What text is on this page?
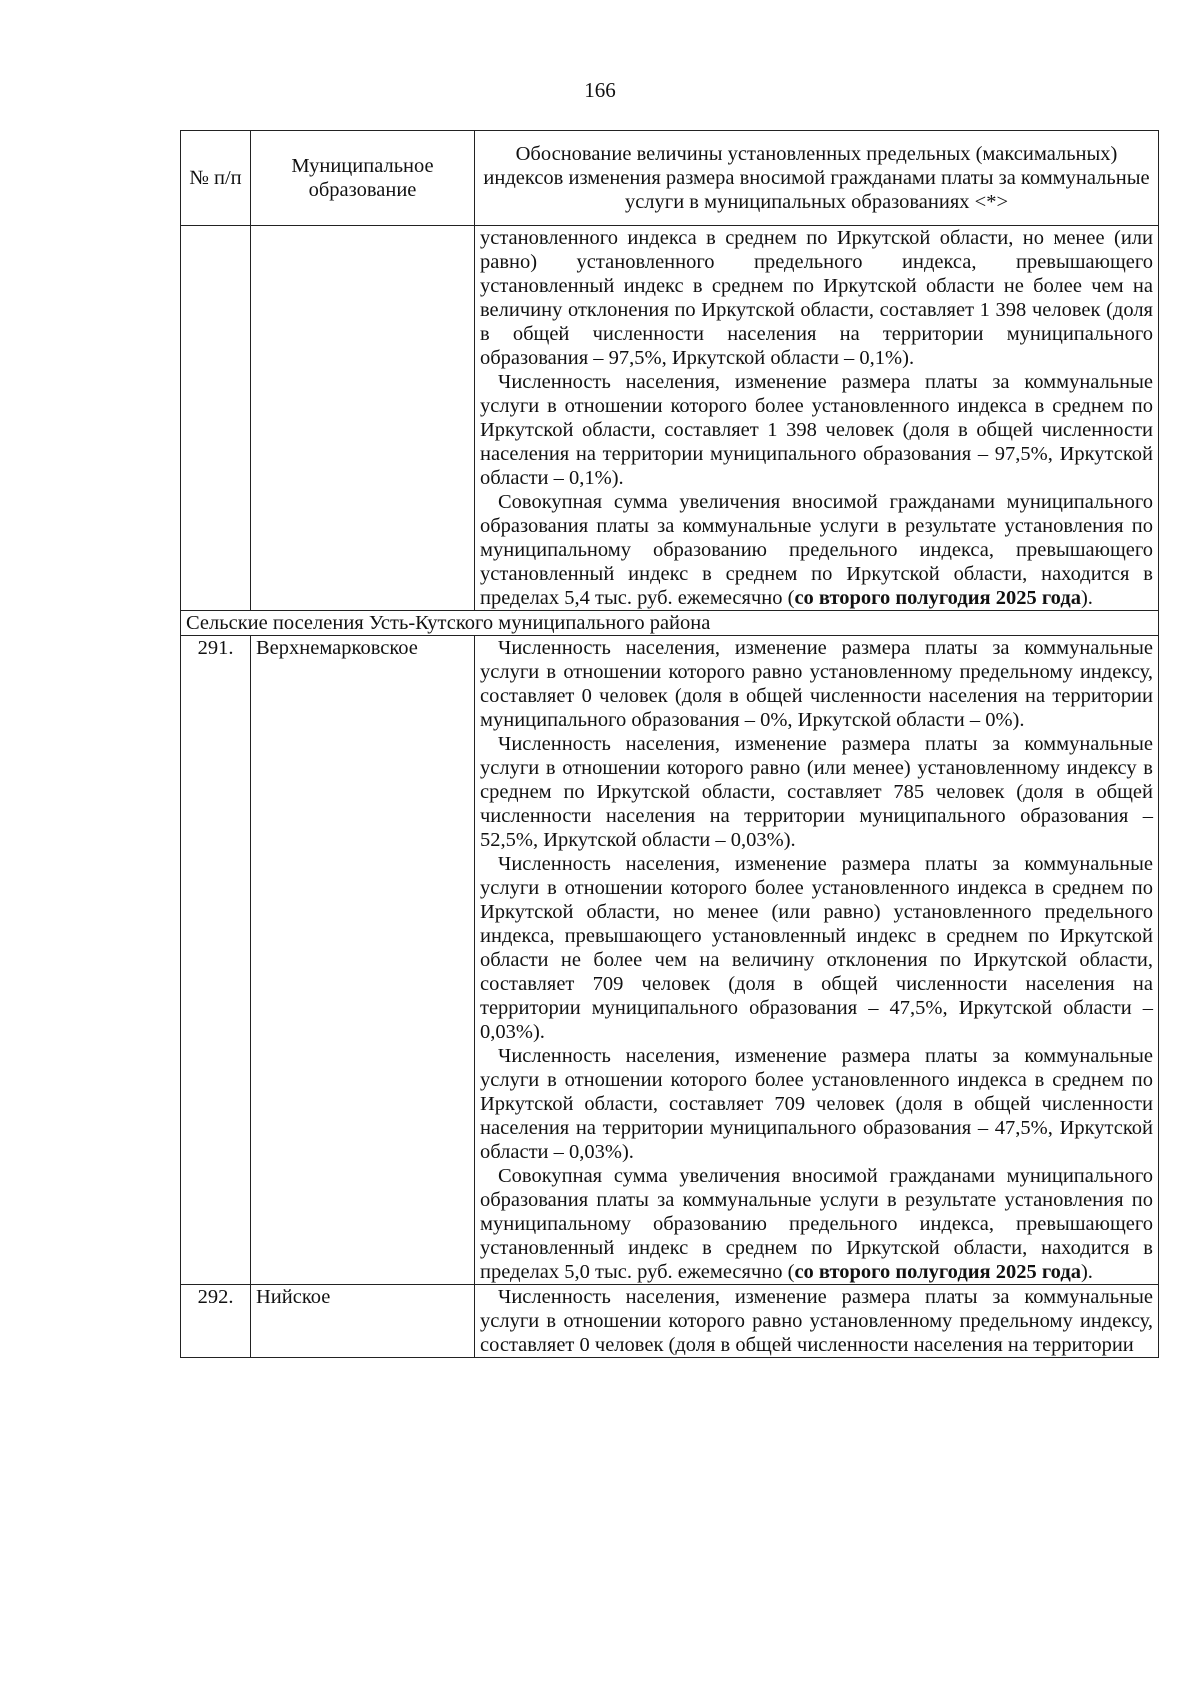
166
№ п/п	Муниципальное образование	Обоснование величины установленных предельных (максимальных) индексов изменения размера вносимой гражданами платы за коммунальные услуги в муниципальных образованиях <*>

		установленного индекса в среднем по Иркутской области, но менее (или равно) установленного предельного индекса, превышающего установленный индекс в среднем по Иркутской области не более чем на величину отклонения по Иркутской области, составляет 1 398 человек (доля в общей численности населения на территории муниципального образования – 97,5%, Иркутской области – 0,1%).
Численность населения, изменение размера платы за коммунальные услуги в отношении которого более установленного индекса в среднем по Иркутской области, составляет 1 398 человек (доля в общей численности населения на территории муниципального образования – 97,5%, Иркутской области – 0,1%).
Совокупная сумма увеличения вносимой гражданами муниципального образования платы за коммунальные услуги в результате установления по муниципальному образованию предельного индекса, превышающего установленный индекс в среднем по Иркутской области, находится в пределах 5,4 тыс. руб. ежемесячно (со второго полугодия 2025 года).

Сельские поселения Усть-Кутского муниципального района		
291.	Верхнемарковское	Численность населения, изменение размера платы за коммунальные услуги в отношении которого равно установленному предельному индексу, составляет 0 человек (доля в общей численности населения на территории муниципального образования – 0%, Иркутской области – 0%).
Численность населения, изменение размера платы за коммунальные услуги в отношении которого равно (или менее) установленному индексу в среднем по Иркутской области, составляет 785 человек (доля в общей численности населения на территории муниципального образования – 52,5%, Иркутской области – 0,03%).
Численность населения, изменение размера платы за коммунальные услуги в отношении которого более установленного индекса в среднем по Иркутской области, но менее (или равно) установленного предельного индекса, превышающего установленный индекс в среднем по Иркутской области не более чем на величину отклонения по Иркутской области, составляет 709 человек (доля в общей численности населения на территории муниципального образования – 47,5%, Иркутской области – 0,03%).
Численность населения, изменение размера платы за коммунальные услуги в отношении которого более установленного индекса в среднем по Иркутской области, составляет 709 человек (доля в общей численности населения на территории муниципального образования – 47,5%, Иркутской области – 0,03%).
Совокупная сумма увеличения вносимой гражданами муниципального образования платы за коммунальные услуги в результате установления по муниципальному образованию предельного индекса, превышающего установленный индекс в среднем по Иркутской области, находится в пределах 5,0 тыс. руб. ежемесячно (со второго полугодия 2025 года).

292.	Нийское	Численность населения, изменение размера платы за коммунальные услуги в отношении которого равно установленному предельному индексу, составляет 0 человек (доля в общей численности населения на территории
